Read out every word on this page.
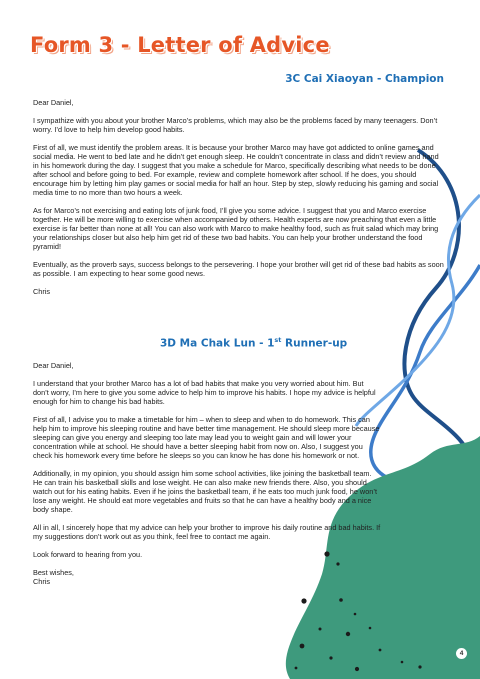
Form 3 - Letter of Advice
3C Cai Xiaoyan - Champion

Dear Daniel,

I sympathize with you about your brother Marco’s problems, which may also be the problems faced by many teenagers. Don’t worry. I’d love to help him develop good habits.

First of all, we must identify the problem areas. It is because your brother Marco may have got addicted to online games and social media. He went to bed late and he didn’t get enough sleep. He couldn’t concentrate in class and didn’t review and hand in his homework during the day. I suggest that you make a schedule for Marco, specifically describing what needs to be done after school and before going to bed. For example, review and complete homework after school. If he does, you should encourage him by letting him play games or social media for half an hour. Step by step, slowly reducing his gaming and social media time to no more than two hours a week.

As for Marco’s not exercising and eating lots of junk food, I’ll give you some advice. I suggest that you and Marco exercise together. He will be more willing to exercise when accompanied by others. Health experts are now preaching that even a little exercise is far better than none at all! You can also work with Marco to make healthy food, such as fruit salad which may bring your relationships closer but also help him get rid of these two bad habits. You can help your brother understand the food pyramid!

Eventually, as the proverb says, success belongs to the persevering. I hope your brother will get rid of these bad habits as soon as possible. I am expecting to hear some good news.

Chris

3D Ma Chak Lun - 1st Runner-up

Dear Daniel,

I understand that your brother Marco has a lot of bad habits that make you very worried about him. But don’t worry, I’m here to give you some advice to help him to improve his habits. I hope my advice is helpful enough for him to change his bad habits.

First of all, I advise you to make a timetable for him – when to sleep and when to do homework. This can help him to improve his sleeping routine and have better time management. He should sleep more because sleeping can give you energy and sleeping too late may lead you to weight gain and will lower your concentration while at school. He should have a better sleeping habit from now on. Also, I suggest you check his homework every time before he sleeps so you can know he has done his homework or not.

Additionally, in my opinion, you should assign him some school activities, like joining the basketball team. He can train his basketball skills and lose weight. He can also make new friends there. Also, you should watch out for his eating habits. Even if he joins the basketball team, if he eats too much junk food, he won’t lose any weight. He should eat more vegetables and fruits so that he can have a healthy body and a nice body shape.

All in all, I sincerely hope that my advice can help your brother to improve his daily routine and bad habits. If my suggestions don’t work out as you think, feel free to contact me again.

Look forward to hearing from you.

Best wishes,

Chris

4
